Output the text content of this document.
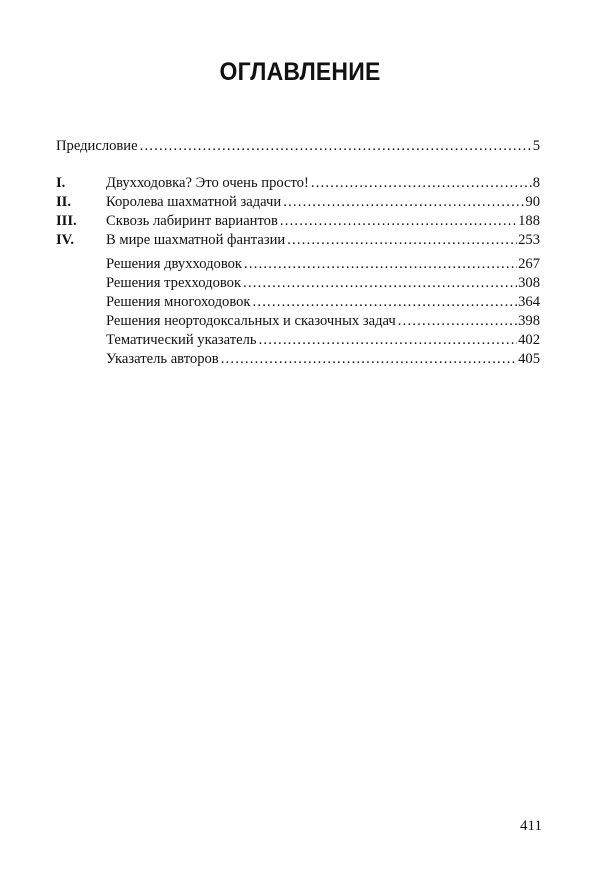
ОГЛАВЛЕНИЕ
Предисловие .....	5
I.	Двухходовка? Это очень просто! .....	8
II.	Королева шахматной задачи .....	90
III.	Сквозь лабиринт вариантов .....	188
IV.	В мире шахматной фантазии .....	253
Решения двухходовок .....	267
Решения трехходовок .....	308
Решения многоходовок .....	364
Решения неортодоксальных и сказочных задач .....	398
Тематический указатель .....	402
Указатель авторов .....	405
411
